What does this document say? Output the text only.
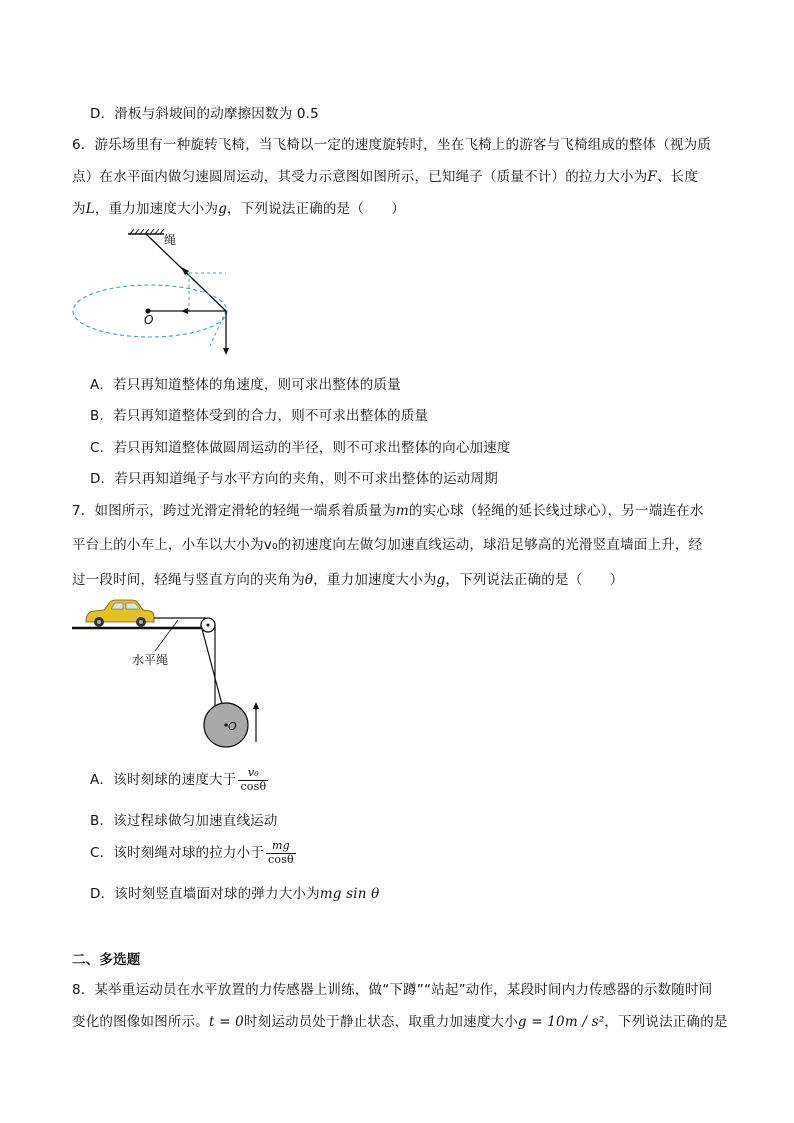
D．滑板与斜坡间的动摩擦因数为 0.5
6．游乐场里有一种旋转飞椅，当飞椅以一定的速度旋转时，坐在飞椅上的游客与飞椅组成的整体（视为质
点）在水平面内做匀速圆周运动，其受力示意图如图所示，已知绳子（质量不计）的拉力大小为F、长度
为L，重力加速度大小为g，下列说法正确的是（　　）
绳
O
A．若只再知道整体的角速度，则可求出整体的质量
B．若只再知道整体受到的合力，则不可求出整体的质量
C．若只再知道整体做圆周运动的半径，则不可求出整体的向心加速度
D．若只再知道绳子与水平方向的夹角，则不可求出整体的运动周期
7．如图所示，跨过光滑定滑轮的轻绳一端系着质量为m的实心球（轻绳的延长线过球心），另一端连在水
平台上的小车上，小车以大小为v₀的初速度向左做匀加速直线运动，球沿足够高的光滑竖直墙面上升，经
过一段时间，轻绳与竖直方向的夹角为θ，重力加速度大小为g，下列说法正确的是（　　）
水平绳
O
A．该时刻球的速度大于 $\frac{\text{v₀}}{\cos\theta}$
B．该过程球做匀加速直线运动
C．该时刻绳对球的拉力小于 $\frac{mg}{\cos\theta}$
D．该时刻竖直墙面对球的弹力大小为mg sin θ
二、多选题
8．某举重运动员在水平放置的力传感器上训练，做“下蹲”“站起”动作，某段时间内力传感器的示数随时间
变化的图像如图所示。t = 0时刻运动员处于静止状态，取重力加速度大小g = 10m / s²，下列说法正确的是
